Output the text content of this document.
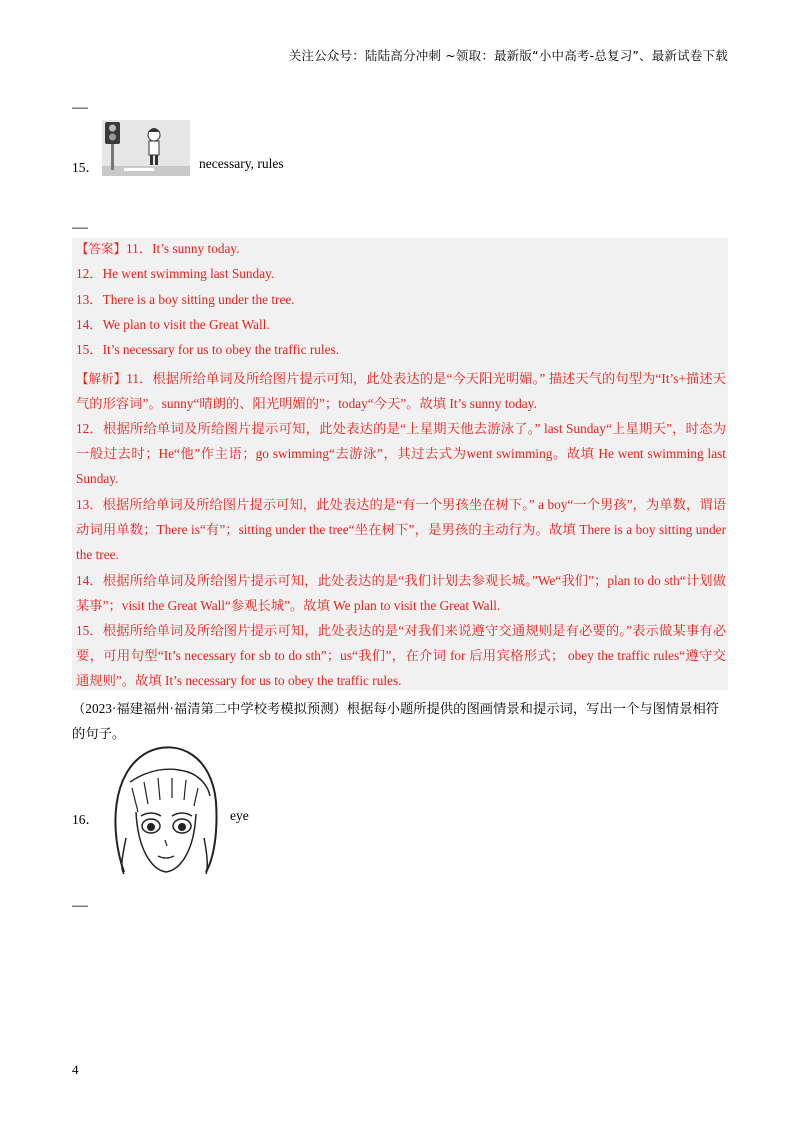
关注公众号：陆陆高分冲刺 ~领取：最新版“小中高考-总复习”、最新试卷下载
—
15．	necessary, rules
—
【答案】11．It’s sunny today.
12．He went swimming last Sunday.
13．There is a boy sitting under the tree.
14．We plan to visit the Great Wall.
15．It’s necessary for us to obey the traffic rules.
【解析】11．根据所给单词及所给图片提示可知，此处表达的是“今天阳光明媚。” 描述天气的句型为“It’s+描述天气的形容词”。sunny“晴朗的、阳光明媚的”；today“今天”。故填 It’s sunny today.
12．根据所给单词及所给图片提示可知，此处表达的是“上星期天他去游泳了。” last Sunday“上星期天”，时态为一般过去时；He“他”作主语；go swimming“去游泳”，其过去式为went swimming。故填 He went swimming last Sunday.
13．根据所给单词及所给图片提示可知，此处表达的是“有一个男孩坐在树下。” a boy“一个男孩”，为单数，谓语动词用单数；There is“有”；sitting under the tree“坐在树下”，是男孩的主动行为。故填 There is a boy sitting under the tree.
14．根据所给单词及所给图片提示可知，此处表达的是“我们计划去参观长城。”We“我们”；plan to do sth“计划做某事”；visit the Great Wall“参观长城”。故填 We plan to visit the Great Wall.
15．根据所给单词及所给图片提示可知，此处表达的是“对我们来说遵守交通规则是有必要的。”表示做某事有必要，可用句型“It’s necessary for sb to do sth”；us“我们”，在介词 for 后用宾格形式； obey the traffic rules“遵守交通规则”。故填 It’s necessary for us to obey the traffic rules.
（2023·福建福州·福清第二中学校考模拟预测）根据每小题所提供的图画情景和提示词，写出一个与图情景相符的句子。
16．	eye
—
4
